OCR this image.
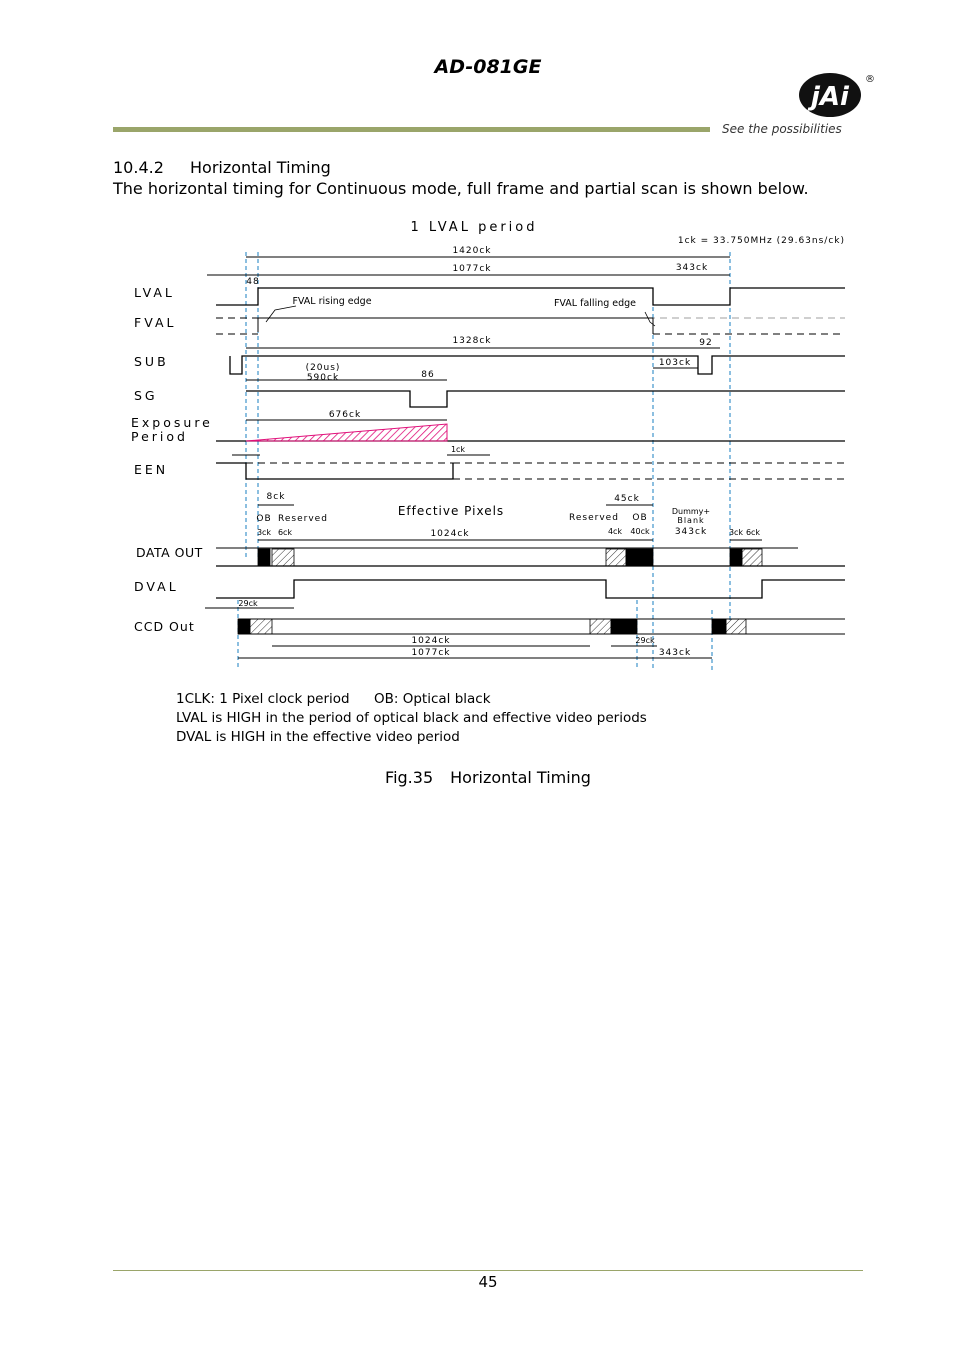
AD-081GE
jAi
®
See the possibilities
10.4.2 Horizontal Timing
The horizontal timing for Continuous mode, full frame and partial scan is shown below.
1 LVAL period
1ck = 33.750MHz (29.63ns/ck)
1420ck
1077ck	343ck
48
FVAL rising edge	FVAL falling edge
1328ck	92
103ck
(20us)
590ck	86
676ck
1ck
8ck
OB Reserved
3ck 6ck
Effective Pixels
1024ck
45ck
Reserved OB
4ck 40ck
Dummy+
Blank
343ck	3ck 6ck
29ck
1024ck
1077ck
29ck
343ck
LVAL
FVAL
SUB
SG
Exposure
Period
EEN
DATA OUT
DVAL
CCD Out
1CLK: 1 Pixel clock period OB: Optical black
LVAL is HIGH in the period of optical black and effective video periods
DVAL is HIGH in the effective video period
Fig.35 Horizontal Timing
45
